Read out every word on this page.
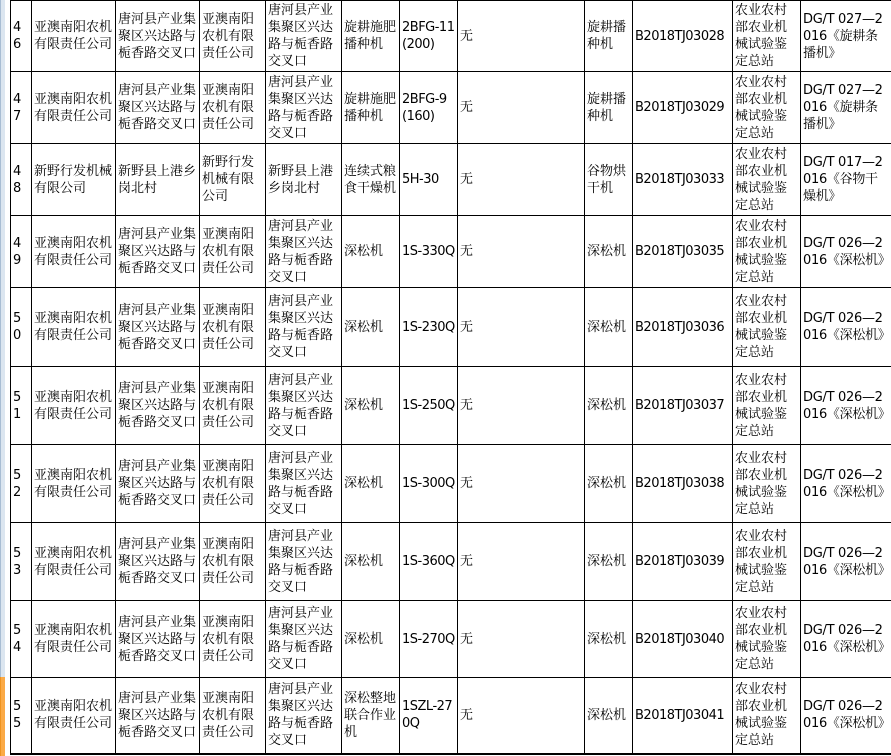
46	亚澳南阳农机有限责任公司	唐河县产业集聚区兴达路与栀香路交叉口	亚澳南阳农机有限责任公司	唐河县产业集聚区兴达路与栀香路交叉口	旋耕施肥播种机	2BFG-11(200)	无	旋耕播种机	B2018TJ03028	农业农村部农业机械试验鉴定总站	DG/T 027—2016《旋耕条播机》
47	亚澳南阳农机有限责任公司	唐河县产业集聚区兴达路与栀香路交叉口	亚澳南阳农机有限责任公司	唐河县产业集聚区兴达路与栀香路交叉口	旋耕施肥播种机	2BFG-9(160)	无	旋耕播种机	B2018TJ03029	农业农村部农业机械试验鉴定总站	DG/T 027—2016《旋耕条播机》
48	新野行发机械有限公司	新野县上港乡岗北村	新野行发机械有限公司	新野县上港乡岗北村	连续式粮食干燥机	5H-30	无	谷物烘干机	B2018TJ03033	农业农村部农业机械试验鉴定总站	DG/T 017—2016《谷物干燥机》
49	亚澳南阳农机有限责任公司	唐河县产业集聚区兴达路与栀香路交叉口	亚澳南阳农机有限责任公司	唐河县产业集聚区兴达路与栀香路交叉口	深松机	1S-330Q	无	深松机	B2018TJ03035	农业农村部农业机械试验鉴定总站	DG/T 026—2016《深松机》
50	亚澳南阳农机有限责任公司	唐河县产业集聚区兴达路与栀香路交叉口	亚澳南阳农机有限责任公司	唐河县产业集聚区兴达路与栀香路交叉口	深松机	1S-230Q	无	深松机	B2018TJ03036	农业农村部农业机械试验鉴定总站	DG/T 026—2016《深松机》
51	亚澳南阳农机有限责任公司	唐河县产业集聚区兴达路与栀香路交叉口	亚澳南阳农机有限责任公司	唐河县产业集聚区兴达路与栀香路交叉口	深松机	1S-250Q	无	深松机	B2018TJ03037	农业农村部农业机械试验鉴定总站	DG/T 026—2016《深松机》
52	亚澳南阳农机有限责任公司	唐河县产业集聚区兴达路与栀香路交叉口	亚澳南阳农机有限责任公司	唐河县产业集聚区兴达路与栀香路交叉口	深松机	1S-300Q	无	深松机	B2018TJ03038	农业农村部农业机械试验鉴定总站	DG/T 026—2016《深松机》
53	亚澳南阳农机有限责任公司	唐河县产业集聚区兴达路与栀香路交叉口	亚澳南阳农机有限责任公司	唐河县产业集聚区兴达路与栀香路交叉口	深松机	1S-360Q	无	深松机	B2018TJ03039	农业农村部农业机械试验鉴定总站	DG/T 026—2016《深松机》
54	亚澳南阳农机有限责任公司	唐河县产业集聚区兴达路与栀香路交叉口	亚澳南阳农机有限责任公司	唐河县产业集聚区兴达路与栀香路交叉口	深松机	1S-270Q	无	深松机	B2018TJ03040	农业农村部农业机械试验鉴定总站	DG/T 026—2016《深松机》
55	亚澳南阳农机有限责任公司	唐河县产业集聚区兴达路与栀香路交叉口	亚澳南阳农机有限责任公司	唐河县产业集聚区兴达路与栀香路交叉口	深松整地联合作业机	1SZL-270Q	无	深松机	B2018TJ03041	农业农村部农业机械试验鉴定总站	DG/T 026—2016《深松机》
